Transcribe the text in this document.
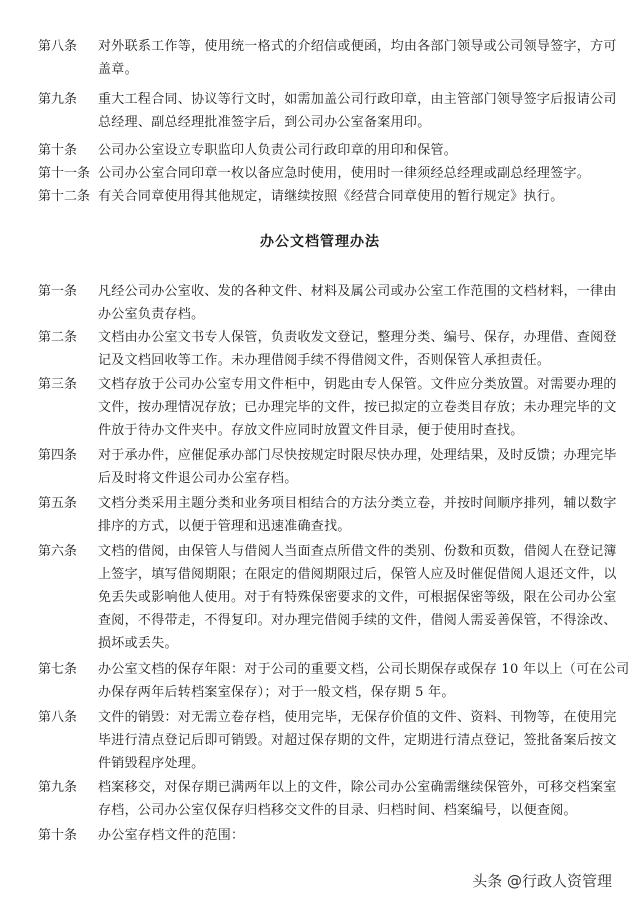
第八条 对外联系工作等，使用统一格式的介绍信或便函，均由各部门领导或公司领导签字，方可
盖章。
第九条 重大工程合同、协议等行文时，如需加盖公司行政印章，由主管部门领导签字后报请公司
总经理、副总经理批准签字后，到公司办公室备案用印。
第十条 公司办公室设立专职监印人负责公司行政印章的用印和保管。
第十一条 公司办公室合同印章一枚以备应急时使用，使用时一律须经总经理或副总经理签字。
第十二条 有关合同章使用得其他规定，请继续按照《经营合同章使用的暂行规定》执行。
办公文档管理办法
第一条 凡经公司办公室收、发的各种文件、材料及属公司或办公室工作范围的文档材料，一律由
办公室负责存档。
第二条 文档由办公室文书专人保管，负责收发文登记，整理分类、编号、保存，办理借、查阅登
记及文档回收等工作。未办理借阅手续不得借阅文件，否则保管人承担责任。
第三条 文档存放于公司办公室专用文件柜中，钥匙由专人保管。文件应分类放置。对需要办理的
文件，按办理情况存放；已办理完毕的文件，按已拟定的立卷类目存放；未办理完毕的文
件放于待办文件夹中。存放文件应同时放置文件目录，便于使用时查找。
第四条 对于承办件，应催促承办部门尽快按规定时限尽快办理，处理结果，及时反馈；办理完毕
后及时将文件退公司办公室存档。
第五条 文档分类采用主题分类和业务项目相结合的方法分类立卷，并按时间顺序排列，辅以数字
排序的方式，以便于管理和迅速准确查找。
第六条 文档的借阅，由保管人与借阅人当面查点所借文件的类别、份数和页数，借阅人在登记簿
上签字，填写借阅期限；在限定的借阅期限过后，保管人应及时催促借阅人退还文件，以
免丢失或影响他人使用。对于有特殊保密要求的文件，可根据保密等级，限在公司办公室
查阅，不得带走，不得复印。对办理完借阅手续的文件，借阅人需妥善保管，不得涂改、
损坏或丢失。
第七条 办公室文档的保存年限：对于公司的重要文档，公司长期保存或保存 10 年以上（可在公司
办保存两年后转档案室保存）；对于一般文档，保存期 5 年。
第八条 文件的销毁：对无需立卷存档，使用完毕，无保存价值的文件、资料、刊物等，在使用完
毕进行清点登记后即可销毁。对超过保存期的文件，定期进行清点登记，签批备案后按文
件销毁程序处理。
第九条 档案移交，对保存期已满两年以上的文件，除公司办公室确需继续保管外，可移交档案室
存档，公司办公室仅保存归档移交文件的目录、归档时间、档案编号，以便查阅。
第十条 办公室存档文件的范围：
头条 @行政人资管理
